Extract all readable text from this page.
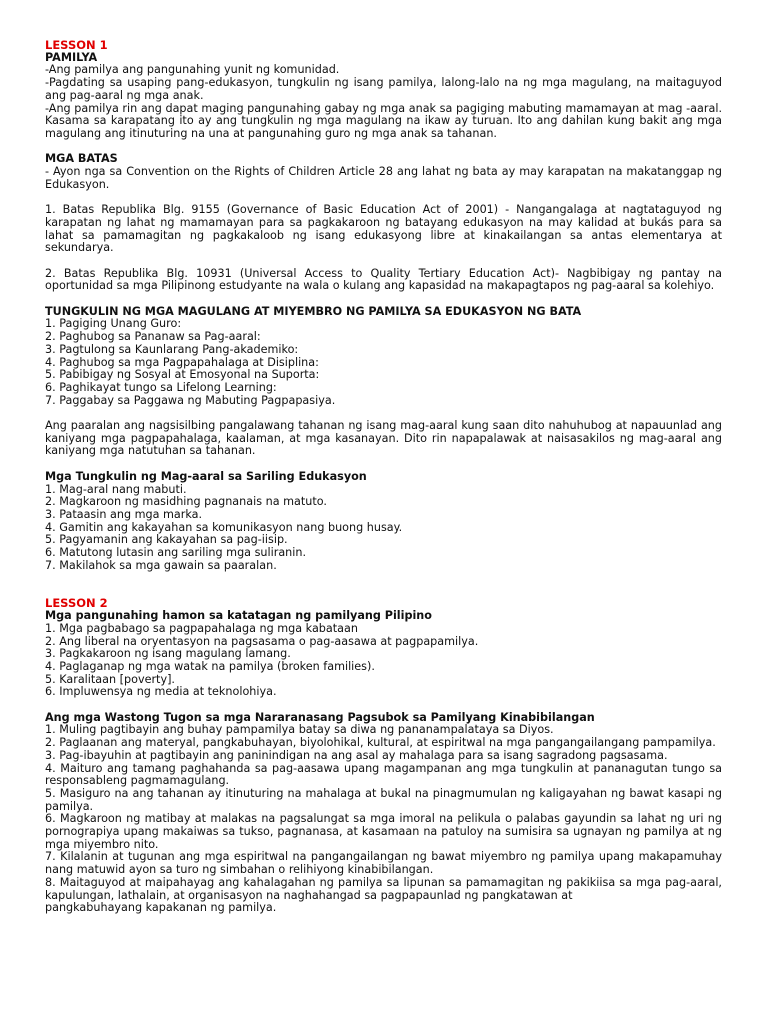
LESSON 1
PAMILYA
-Ang pamilya ang pangunahing yunit ng komunidad.
-Pagdating sa usaping pang-edukasyon, tungkulin ng isang pamilya, lalong-lalo na ng mga magulang, na maitaguyod ang pag-aaral ng mga anak.
-Ang pamilya rin ang dapat maging pangunahing gabay ng mga anak sa pagiging mabuting mamamayan at mag -aaral. Kasama sa karapatang ito ay ang tungkulin ng mga magulang na ikaw ay turuan. Ito ang dahilan kung bakit ang mga magulang ang itinuturing na una at pangunahing guro ng mga anak sa tahanan.
MGA BATAS
- Ayon nga sa Convention on the Rights of Children Article 28 ang lahat ng bata ay may karapatan na makatanggap ng Edukasyon.
1. Batas Republika Blg. 9155 (Governance of Basic Education Act of 2001) - Nangangalaga at nagtataguyod ng karapatan ng lahat ng mamamayan para sa pagkakaroon ng batayang edukasyon na may kalidad at bukás para sa lahat sa pamamagitan ng pagkakaloob ng isang edukasyong libre at kinakailangan sa antas elementarya at sekundarya.
2. Batas Republika Blg. 10931 (Universal Access to Quality Tertiary Education Act)- Nagbibigay ng pantay na oportunidad sa mga Pilipinong estudyante na wala o kulang ang kapasidad na makapagtapos ng pag-aaral sa kolehiyo.
TUNGKULIN NG MGA MAGULANG AT MIYEMBRO NG PAMILYA SA EDUKASYON NG BATA
1. Pagiging Unang Guro:
2. Paghubog sa Pananaw sa Pag-aaral:
3. Pagtulong sa Kaunlarang Pang-akademiko:
4. Paghubog sa mga Pagpapahalaga at Disiplina:
5. Pabibigay ng Sosyal at Emosyonal na Suporta:
6. Paghikayat tungo sa Lifelong Learning:
7. Paggabay sa Paggawa ng Mabuting Pagpapasiya.
Ang paaralan ang nagsisilbing pangalawang tahanan ng isang mag-aaral kung saan dito nahuhubog at napauunlad ang kaniyang mga pagpapahalaga, kaalaman, at mga kasanayan. Dito rin napapalawak at naisasakilos ng mag-aaral ang kaniyang mga natutuhan sa tahanan.
Mga Tungkulin ng Mag-aaral sa Sariling Edukasyon
1. Mag-aral nang mabuti.
2. Magkaroon ng masidhing pagnanais na matuto.
3. Pataasin ang mga marka.
4. Gamitin ang kakayahan sa komunikasyon nang buong husay.
5. Pagyamanin ang kakayahan sa pag-iisip.
6. Matutong lutasin ang sariling mga suliranin.
7. Makilahok sa mga gawain sa paaralan.
LESSON 2
Mga pangunahing hamon sa katatagan ng pamilyang Pilipino
1. Mga pagbabago sa pagpapahalaga ng mga kabataan
2. Ang liberal na oryentasyon na pagsasama o pag-aasawa at pagpapamilya.
3. Pagkakaroon ng isang magulang lamang.
4. Paglaganap ng mga watak na pamilya (broken families).
5. Karalitaan [poverty].
6. Impluwensya ng media at teknolohiya.
Ang mga Wastong Tugon sa mga Nararanasang Pagsubok sa Pamilyang Kinabibilangan
1. Muling pagtibayin ang buhay pampamilya batay sa diwa ng pananampalataya sa Diyos.
2. Paglaanan ang materyal, pangkabuhayan, biyolohikal, kultural, at espiritwal na mga pangangailangang pampamilya.
3. Pag-ibayuhin at pagtibayin ang paninindigan na ang asal ay mahalaga para sa isang sagradong pagsasama.
4. Maituro ang tamang paghahanda sa pag-aasawa upang magampanan ang mga tungkulin at pananagutan tungo sa responsableng pagmamagulang.
5. Masiguro na ang tahanan ay itinuturing na mahalaga at bukal na pinagmumulan ng kaligayahan ng bawat kasapi ng pamilya.
6. Magkaroon ng matibay at malakas na pagsalungat sa mga imoral na pelikula o palabas gayundin sa lahat ng uri ng pornograpiya upang makaiwas sa tukso, pagnanasa, at kasamaan na patuloy na sumisira sa ugnayan ng pamilya at ng mga miyembro nito.
7. Kilalanin at tugunan ang mga espiritwal na pangangailangan ng bawat miyembro ng pamilya upang makapamuhay nang matuwid ayon sa turo ng simbahan o relihiyong kinabibilangan.
8. Maitaguyod at maipahayag ang kahalagahan ng pamilya sa lipunan sa pamamagitan ng pakikiisa sa mga pag-aaral, kapulungan, lathalain, at organisasyon na naghahangad sa pagpapaunlad ng pangkatawan at
pangkabuhayang kapakanan ng pamilya.
